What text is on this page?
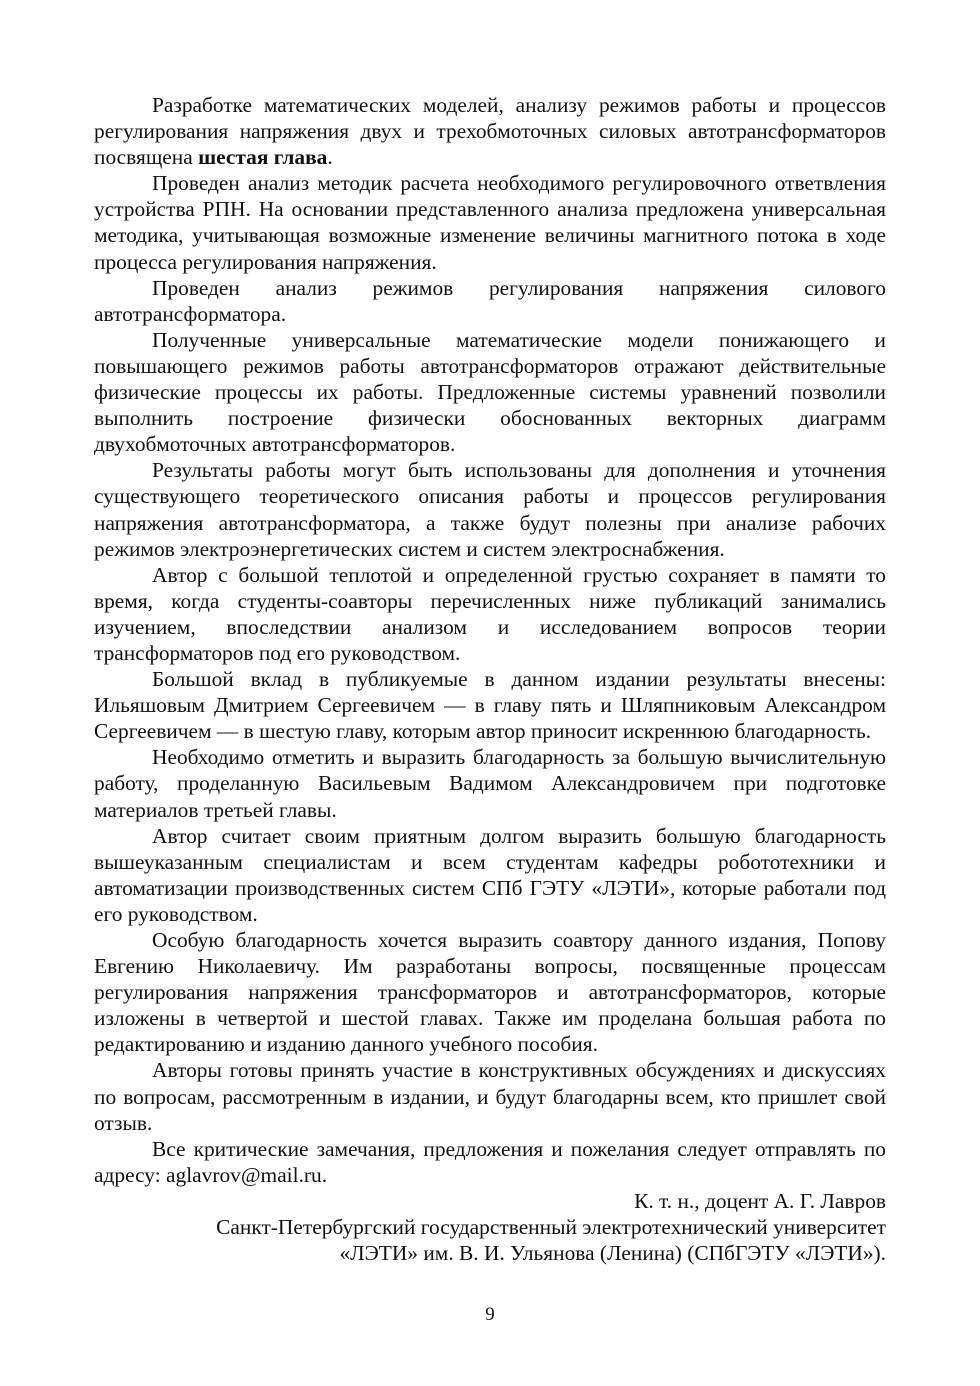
Разработке математических моделей, анализу режимов работы и процессов регулирования напряжения двух и трехобмоточных силовых автотрансформаторов посвящена шестая глава.

Проведен анализ методик расчета необходимого регулировочного ответвления устройства РПН. На основании представленного анализа предложена универсальная методика, учитывающая возможные изменение величины магнитного потока в ходе процесса регулирования напряжения.

Проведен анализ режимов регулирования напряжения силового автотрансформатора.

Полученные универсальные математические модели понижающего и повышающего режимов работы автотрансформаторов отражают действительные физические процессы их работы. Предложенные системы уравнений позволили выполнить построение физически обоснованных векторных диаграмм двухобмоточных автотрансформаторов.

Результаты работы могут быть использованы для дополнения и уточнения существующего теоретического описания работы и процессов регулирования напряжения автотрансформатора, а также будут полезны при анализе рабочих режимов электроэнергетических систем и систем электроснабжения.

Автор с большой теплотой и определенной грустью сохраняет в памяти то время, когда студенты-соавторы перечисленных ниже публикаций занимались изучением, впоследствии анализом и исследованием вопросов теории трансформаторов под его руководством.

Большой вклад в публикуемые в данном издании результаты внесены: Ильяшовым Дмитрием Сергеевичем — в главу пять и Шляпниковым Александром Сергеевичем — в шестую главу, которым автор приносит искреннюю благодарность.

Необходимо отметить и выразить благодарность за большую вычислительную работу, проделанную Васильевым Вадимом Александровичем при подготовке материалов третьей главы.

Автор считает своим приятным долгом выразить большую благодарность вышеуказанным специалистам и всем студентам кафедры робототехники и автоматизации производственных систем СПб ГЭТУ «ЛЭТИ», которые работали под его руководством.

Особую благодарность хочется выразить соавтору данного издания, Попову Евгению Николаевичу. Им разработаны вопросы, посвященные процессам регулирования напряжения трансформаторов и автотрансформаторов, которые изложены в четвертой и шестой главах. Также им проделана большая работа по редактированию и изданию данного учебного пособия.

Авторы готовы принять участие в конструктивных обсуждениях и дискуссиях по вопросам, рассмотренным в издании, и будут благодарны всем, кто пришлет свой отзыв.

Все критические замечания, предложения и пожелания следует отправлять по адресу: aglavrov@mail.ru.

К. т. н., доцент А. Г. Лавров

Санкт-Петербургский государственный электротехнический университет

«ЛЭТИ» им. В. И. Ульянова (Ленина) (СПбГЭТУ «ЛЭТИ»).

9
